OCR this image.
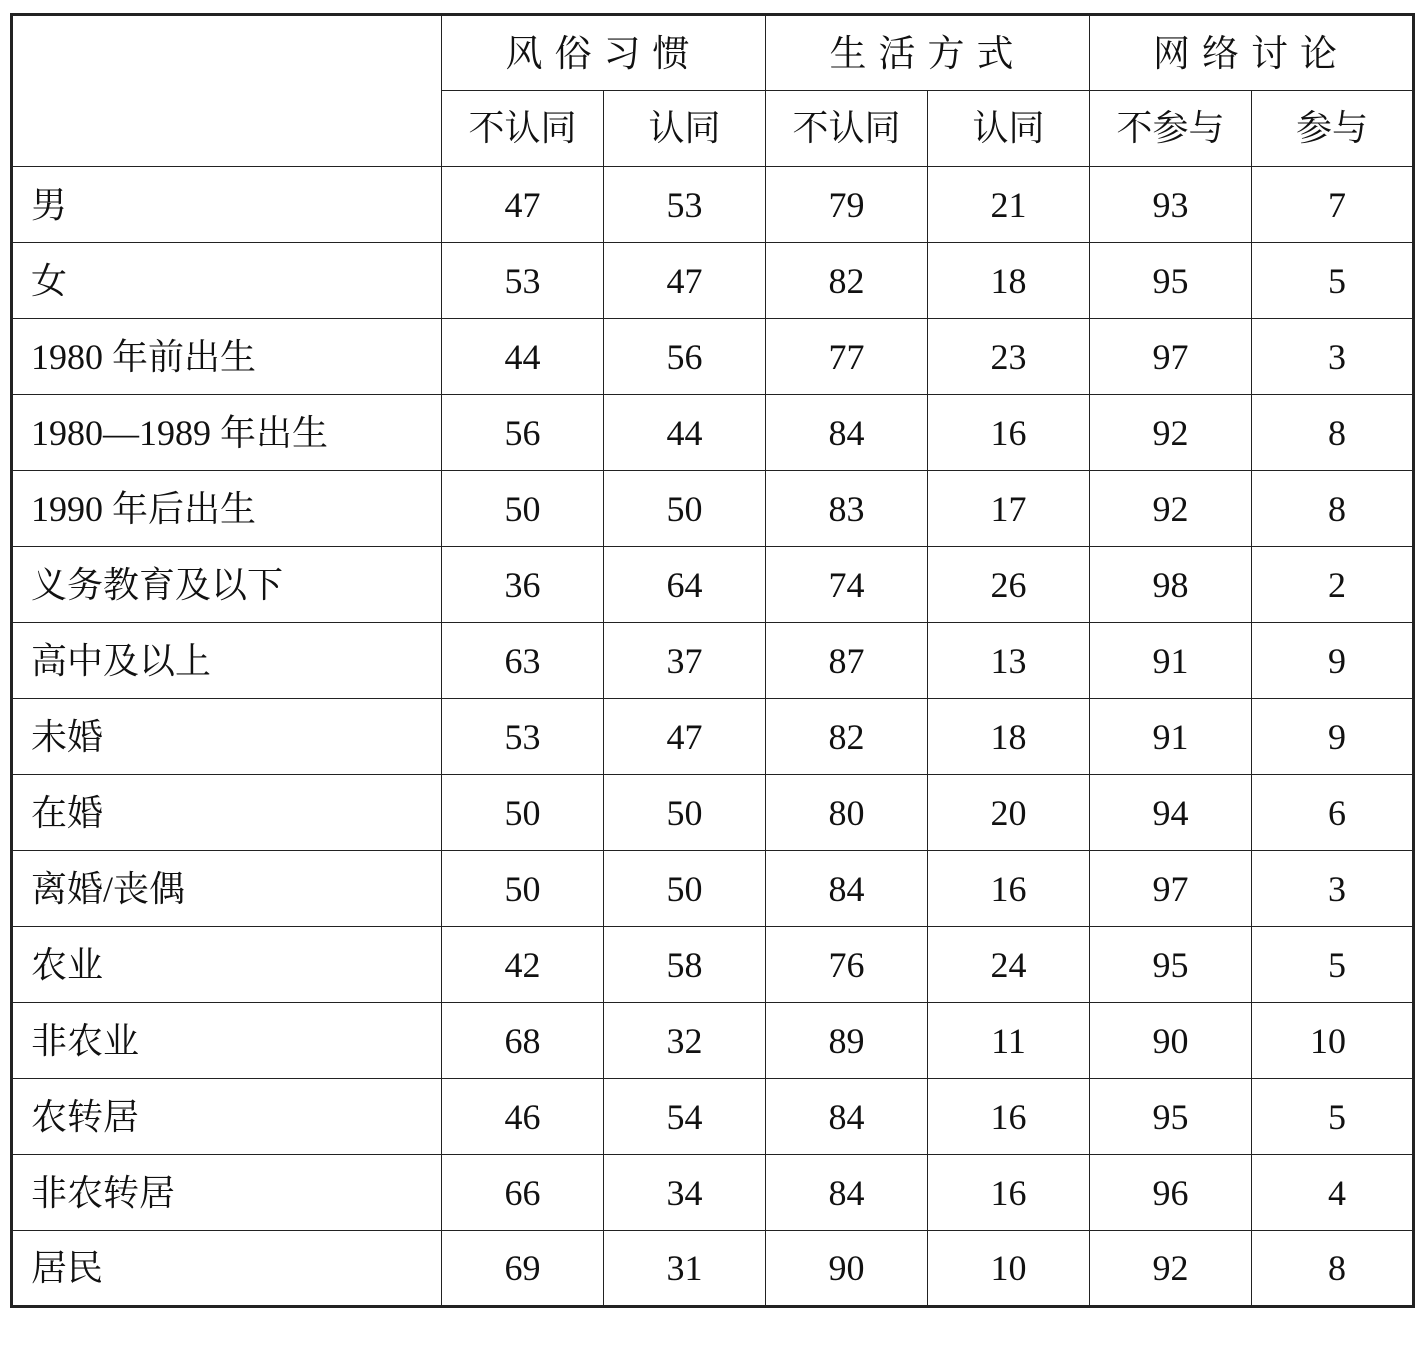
	风俗习惯		生活方式		网络讨论	
	不认同	认同	不认同	认同	不参与	参与
男	47	53	79	21	93	7
女	53	47	82	18	95	5
1980 年前出生	44	56	77	23	97	3
1980—1989 年出生	56	44	84	16	92	8
1990 年后出生	50	50	83	17	92	8
义务教育及以下	36	64	74	26	98	2
高中及以上	63	37	87	13	91	9
未婚	53	47	82	18	91	9
在婚	50	50	80	20	94	6
离婚/丧偶	50	50	84	16	97	3
农业	42	58	76	24	95	5
非农业	68	32	89	11	90	10
农转居	46	54	84	16	95	5
非农转居	66	34	84	16	96	4
居民	69	31	90	10	92	8
